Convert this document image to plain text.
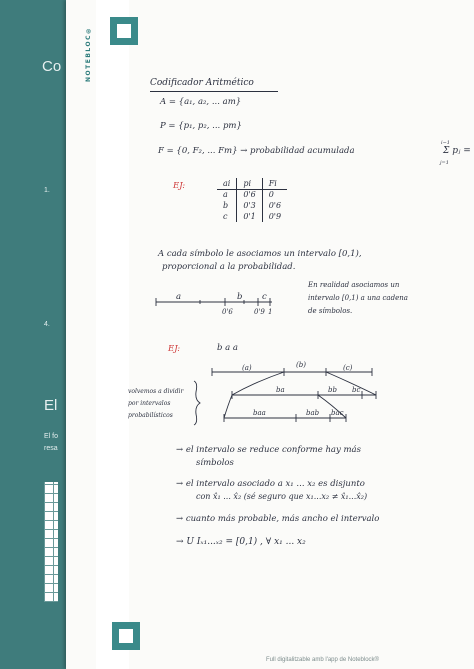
Co
1.
4.
El
El fo
resa
NOTEBLOC®
Full digitalitzable amb l'app de Noteblock®
Codificador Aritmético
A = {a₁, a₂, ... am}
P = {p₁, p₂, ... pm}
F = {0, F₂, ... Fm} → probabilidad acumulada
i−1
Σ pⱼ =
j=1
EJ:	ai	pi	Fi
a	0'6	0
b	0'3	0'6
c	0'1	0'9
A cada símbolo le asociamos un intervalo [0,1),
proporcional a la probabilidad.
En realidad asociamos un
intervalo [0,1) a una cadena
de símbolos.
a	b c
0'6	0'9 1
EJ:	b a a
(a)	(b)	(c)
ba	bb bc
baa	bab bac
volvemos a dividir
por intervalos
probabilísticos
→ el intervalo se reduce conforme hay más
símbolos
→ el intervalo asociado a x₁ ... x₂ es disjunto
con x̂₁ ... x̂₂ (sé seguro que x₁...x₂ ≠ x̂₁...x̂₂)
→ cuanto más probable, más ancho el intervalo
→ U Iₓ₁...ₓ₂ = [0,1) , ∀ x₁ ... x₂
